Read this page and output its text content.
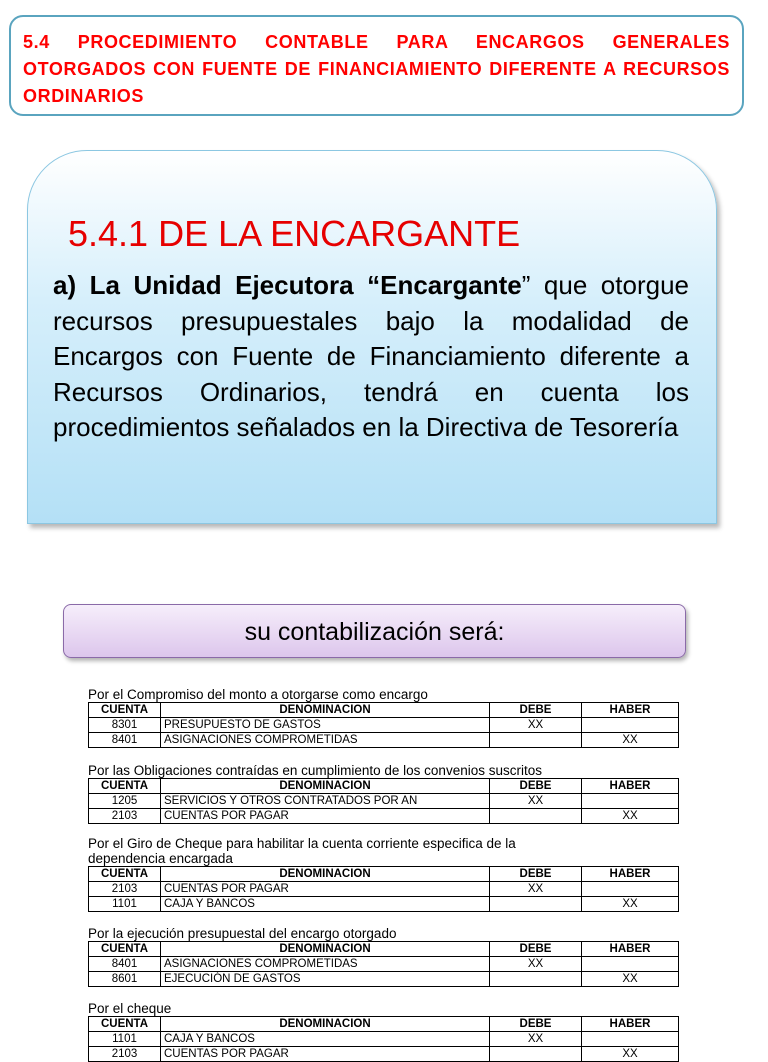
5.4 PROCEDIMIENTO CONTABLE PARA ENCARGOS GENERALES OTORGADOS CON FUENTE DE FINANCIAMIENTO DIFERENTE A RECURSOS ORDINARIOS
5.4.1 DE LA ENCARGANTE
a) La Unidad Ejecutora “Encargante” que otorgue recursos presupuestales bajo la modalidad de Encargos con Fuente de Financiamiento diferente a Recursos Ordinarios, tendrá en cuenta los procedimientos señalados en la Directiva de Tesorería
su contabilización será:
Por el Compromiso del monto a otorgarse como encargo
CUENTA	DENOMINACION	DEBE	HABER
8301	PRESUPUESTO DE GASTOS	XX	
8401	ASIGNACIONES COMPROMETIDAS		XX
Por las Obligaciones contraídas en cumplimiento de los convenios suscritos
CUENTA	DENOMINACION	DEBE	HABER
1205	SERVICIOS Y OTROS CONTRATADOS POR AN	XX	
2103	CUENTAS POR PAGAR		XX
Por el Giro de Cheque para habilitar la cuenta corriente especifica de la
dependencia encargada
CUENTA	DENOMINACION	DEBE	HABER
2103	CUENTAS POR PAGAR	XX	
1101	CAJA Y BANCOS		XX
Por la ejecución presupuestal del encargo otorgado
CUENTA	DENOMINACION	DEBE	HABER
8401	ASIGNACIONES COMPROMETIDAS	XX	
8601	EJECUCIÓN DE GASTOS		XX
Por el cheque
CUENTA	DENOMINACION	DEBE	HABER
1101	CAJA Y BANCOS	XX	
2103	CUENTAS POR PAGAR		XX
